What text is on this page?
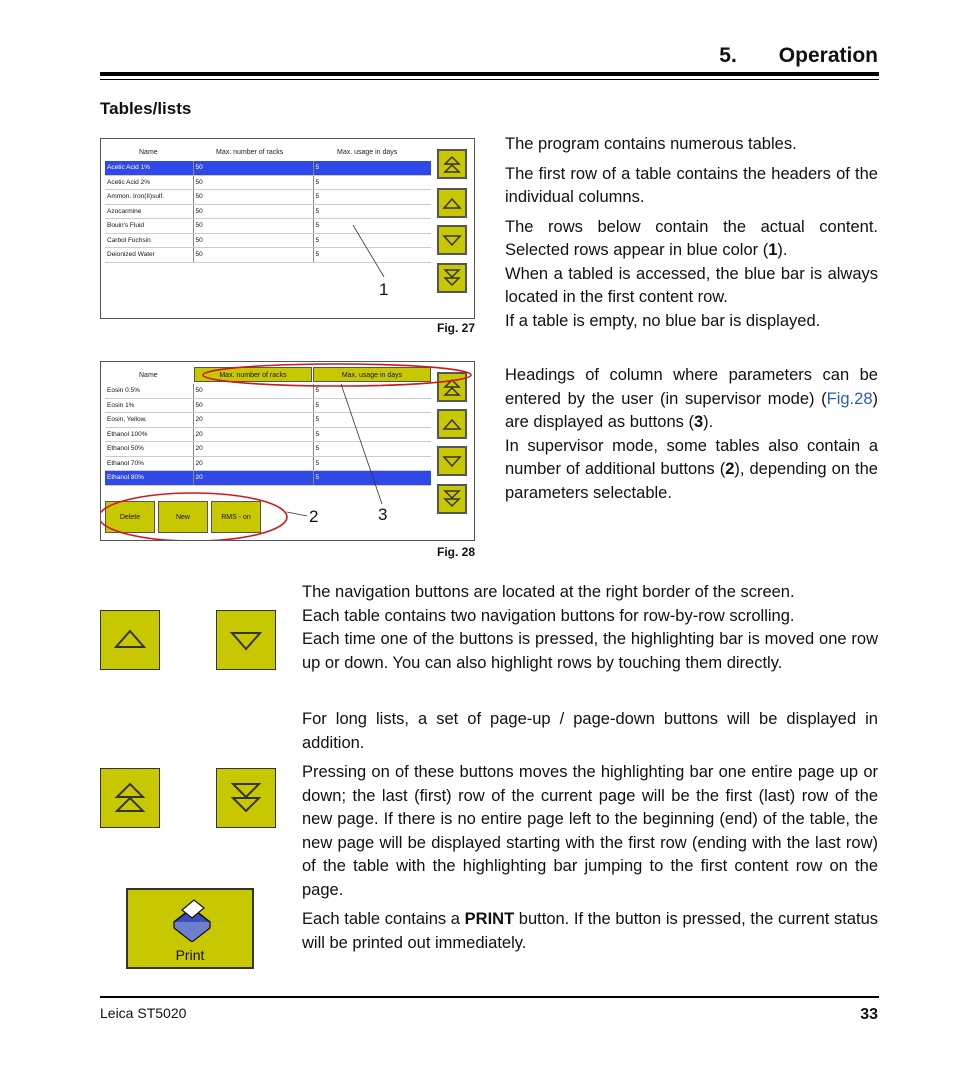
5.  Operation
Tables/lists
Name	Max. number of racks	Max. usage in days
Acetic Acid 1%	50	5
Acetic Acid 2%	50	5
Ammon. Iron(II)sulf.	50	5
Azocarmine	50	5
Bouin's Fluid	50	5
Carbol Fuchsin	50	5
Deionized Water	50	5
1
Fig. 27
Name	Max. number of racks	Max. usage in days
Eosin 0.5%	50	5
Eosin 1%	50	5
Eosin, Yellow.	20	5
Ethanol 100%	20	5
Ethanol 50%	20	5
Ethanol 70%	20	5
Ethanol 80%	20	5
Delete	New	RMS - on	2	3
Fig. 28

The program contains numerous tables.

The first row of a table contains the headers of the individual columns.

The rows below contain the actual content. Selected rows appear in blue color (1).

When a tabled is accessed, the blue bar is always located in the first content row.

If a table is empty, no blue bar is displayed.

Headings of column where parameters can be entered by the user (in supervisor mode) (Fig.28) are displayed as buttons (3).

In supervisor mode, some tables also contain a number of additional buttons (2), depending on the parameters selectable.

The navigation buttons are located at the right border of the screen.

Each table contains two navigation buttons for row-by-row scrolling.

Each time one of the buttons is pressed, the highlighting bar is moved one row up or down. You can also highlight rows by touching them directly.

For long lists, a set of page-up / page-down buttons will be displayed in addition.

Pressing on of these buttons moves the highlighting bar one entire page up or down; the last (first) row of the current page will be the first (last) row of the new page. If there is no entire page left to the beginning (end) of the table, the new page will be displayed starting with the first row (ending with the last row) of the table with the highlighting bar jumping to the first content row on the page.

Each table contains a PRINT button. If the button is pressed, the current status will be printed out immediately.

Print
Leica ST5020	33
